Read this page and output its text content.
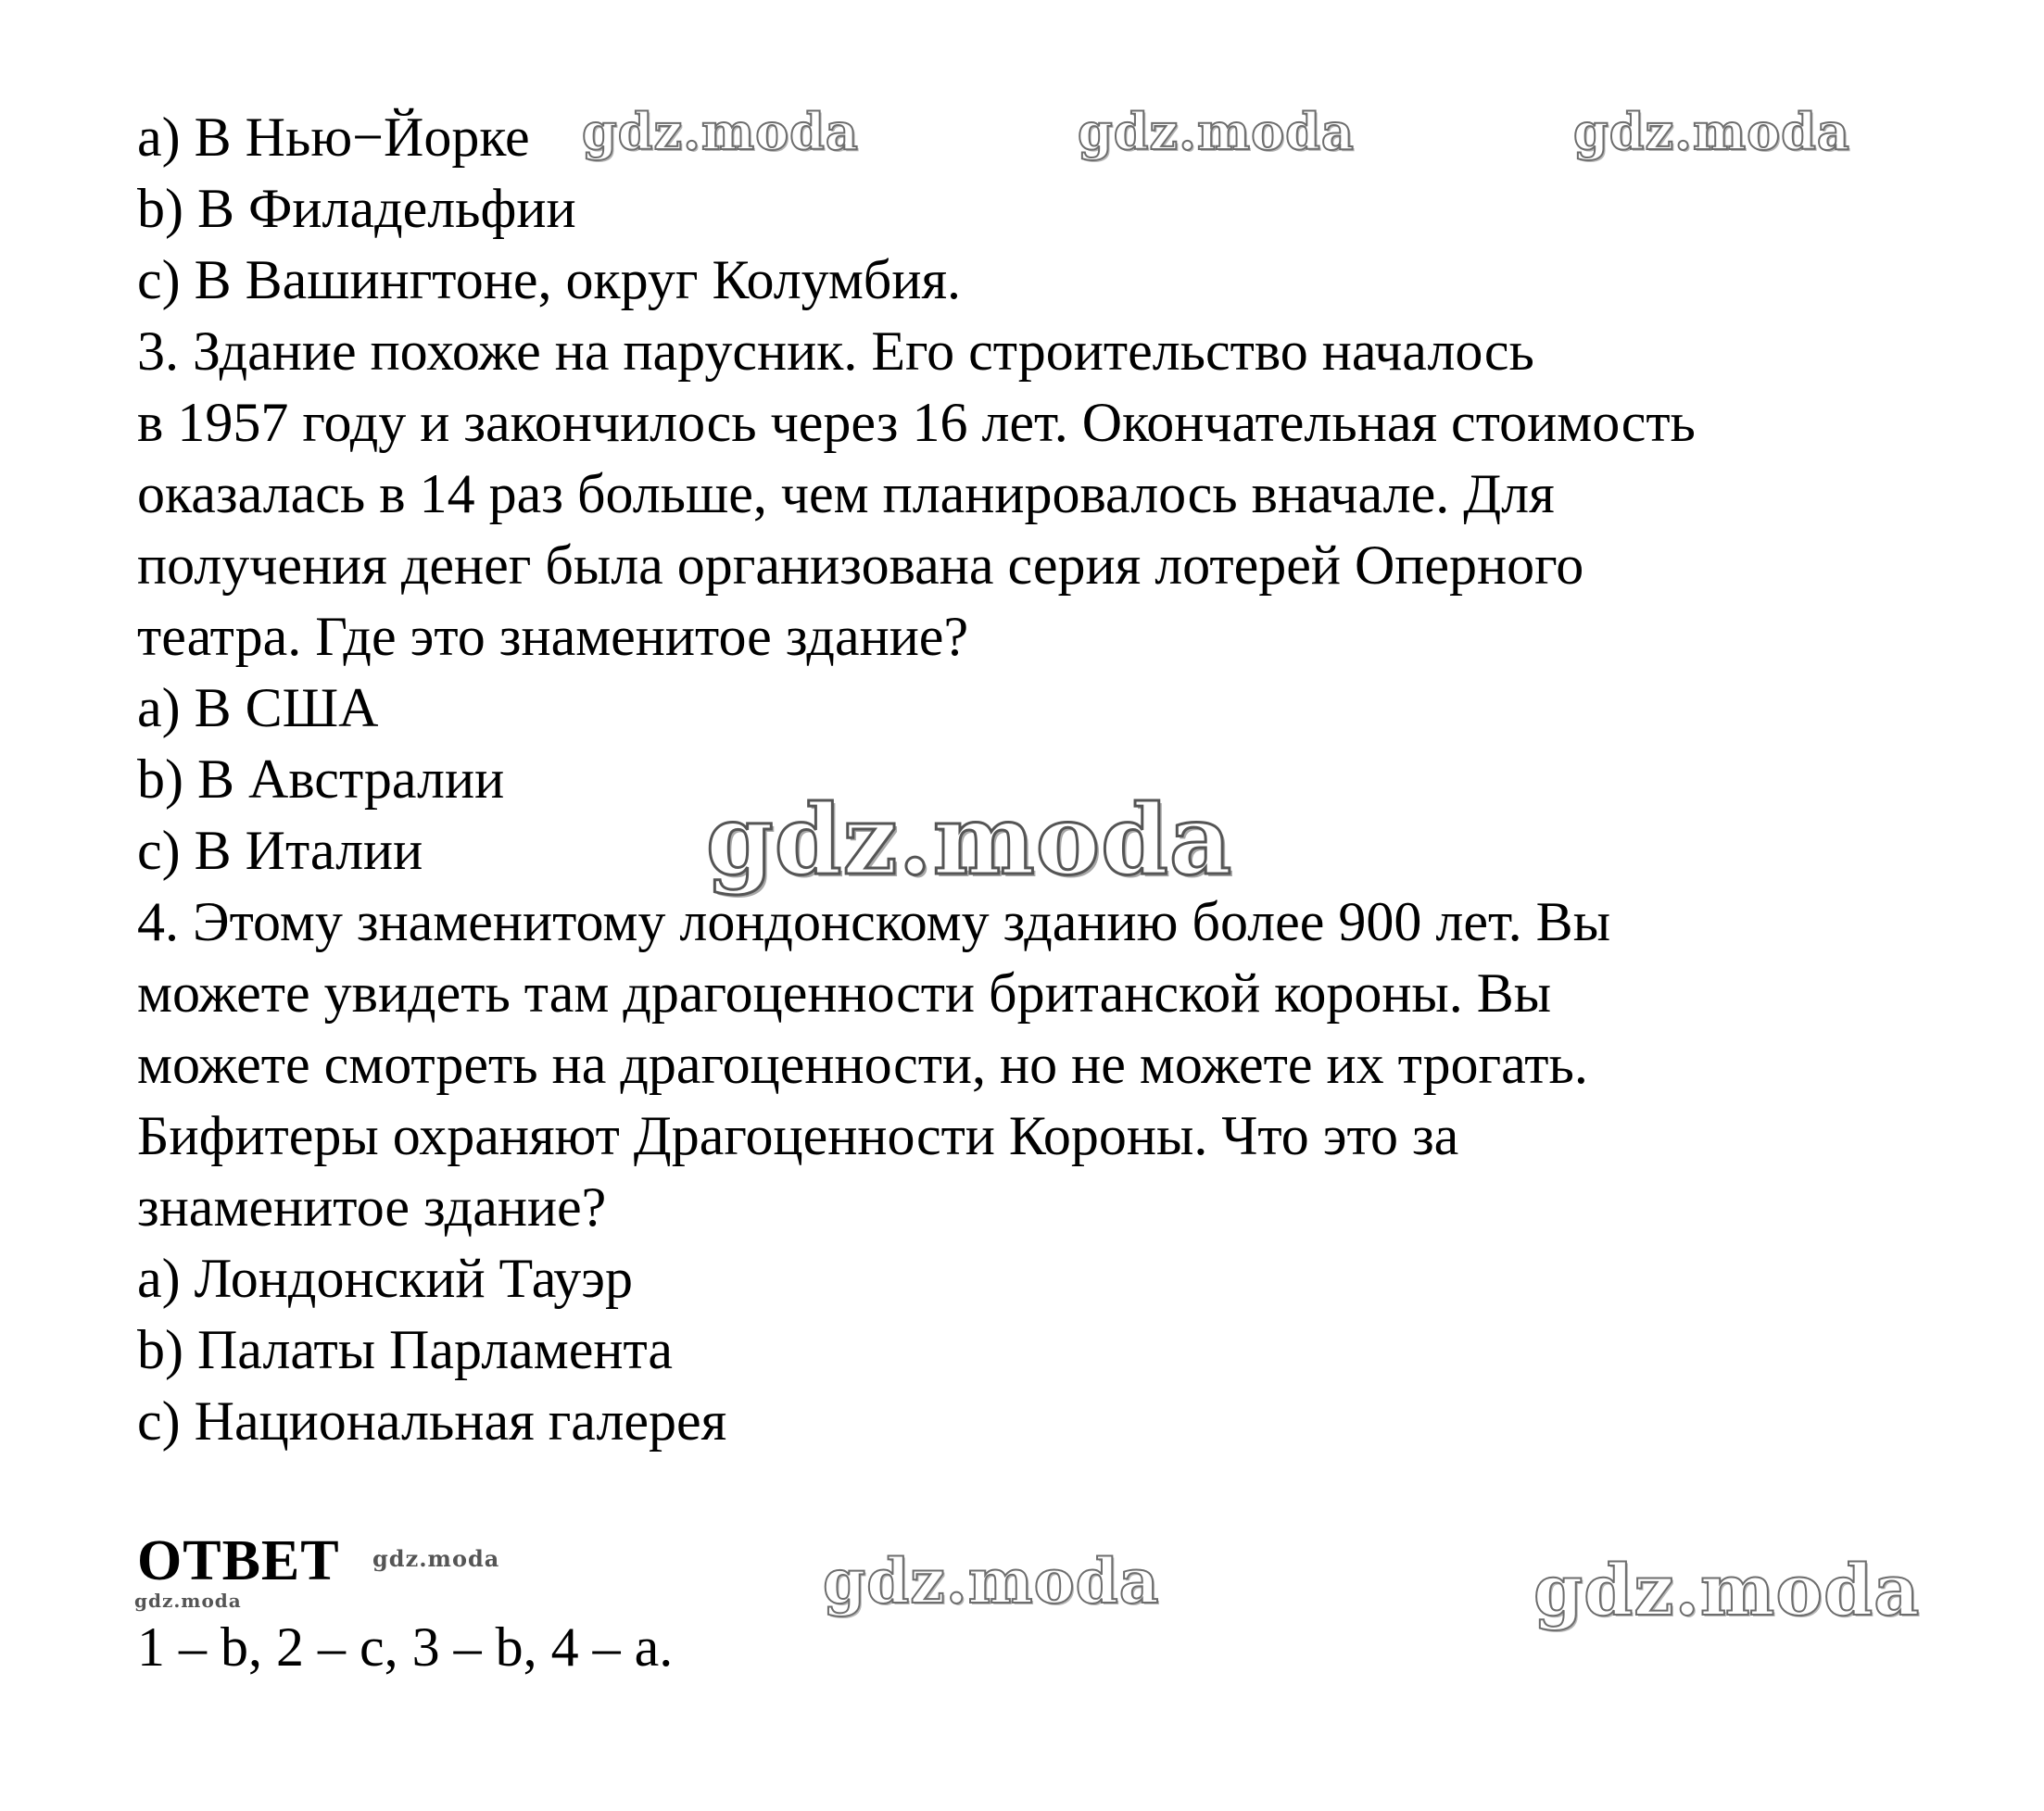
a) В Нью−Йорке
b) В Филадельфии
c) В Вашингтоне, округ Колумбия.
3. Здание похоже на парусник. Его строительство началось
в 1957 году и закончилось через 16 лет. Окончательная стоимость
оказалась в 14 раз больше, чем планировалось вначале. Для
получения денег была организована серия лотерей Оперного
театра. Где это знаменитое здание?
a) В США
b) В Австралии
c) В Италии
4. Этому знаменитому лондонскому зданию более 900 лет. Вы
можете увидеть там драгоценности британской короны. Вы
можете смотреть на драгоценности, но не можете их трогать.
Бифитеры охраняют Драгоценности Короны. Что это за
знаменитое здание?
a) Лондонский Тауэр
b) Палаты Парламента
c) Национальная галерея
ОТВЕТ
1 – b, 2 – c, 3 – b, 4 – a.
gdz.moda	gdz.moda	gdz.moda
gdz.moda
gdz.moda
gdz.moda	gdz.moda	gdz.moda
